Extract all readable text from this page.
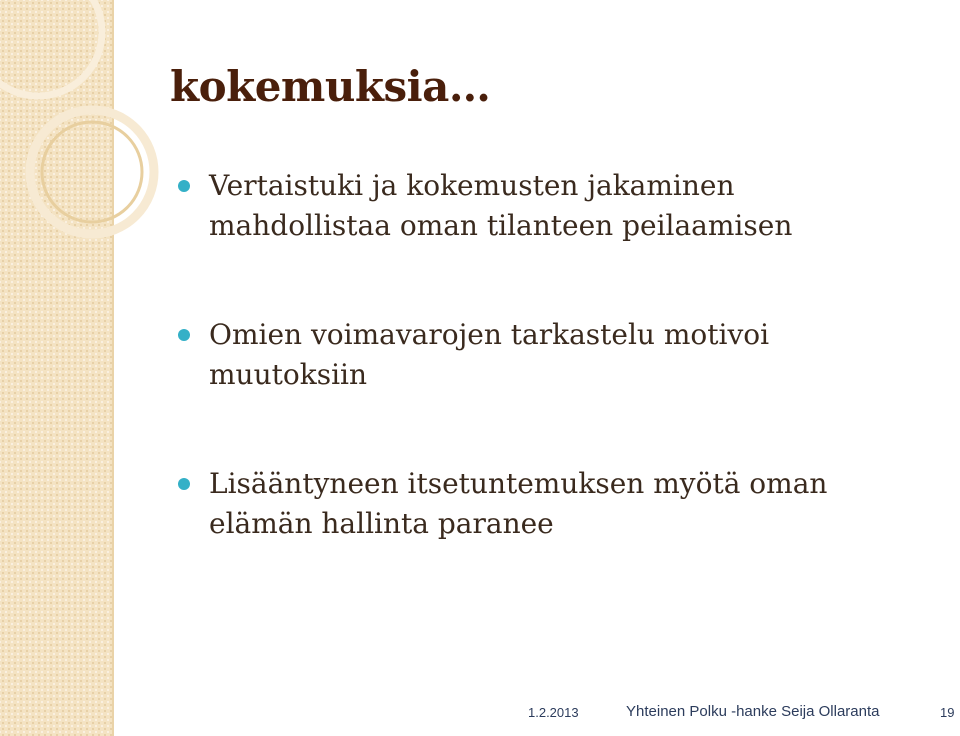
kokemuksia…
Vertaistuki ja kokemusten jakaminen
mahdollistaa oman tilanteen peilaamisen
Omien voimavarojen tarkastelu motivoi
muutoksiin
Lisääntyneen itsetuntemuksen myötä oman
elämän hallinta paranee
1.2.2013	Yhteinen Polku -hanke Seija Ollaranta	19
